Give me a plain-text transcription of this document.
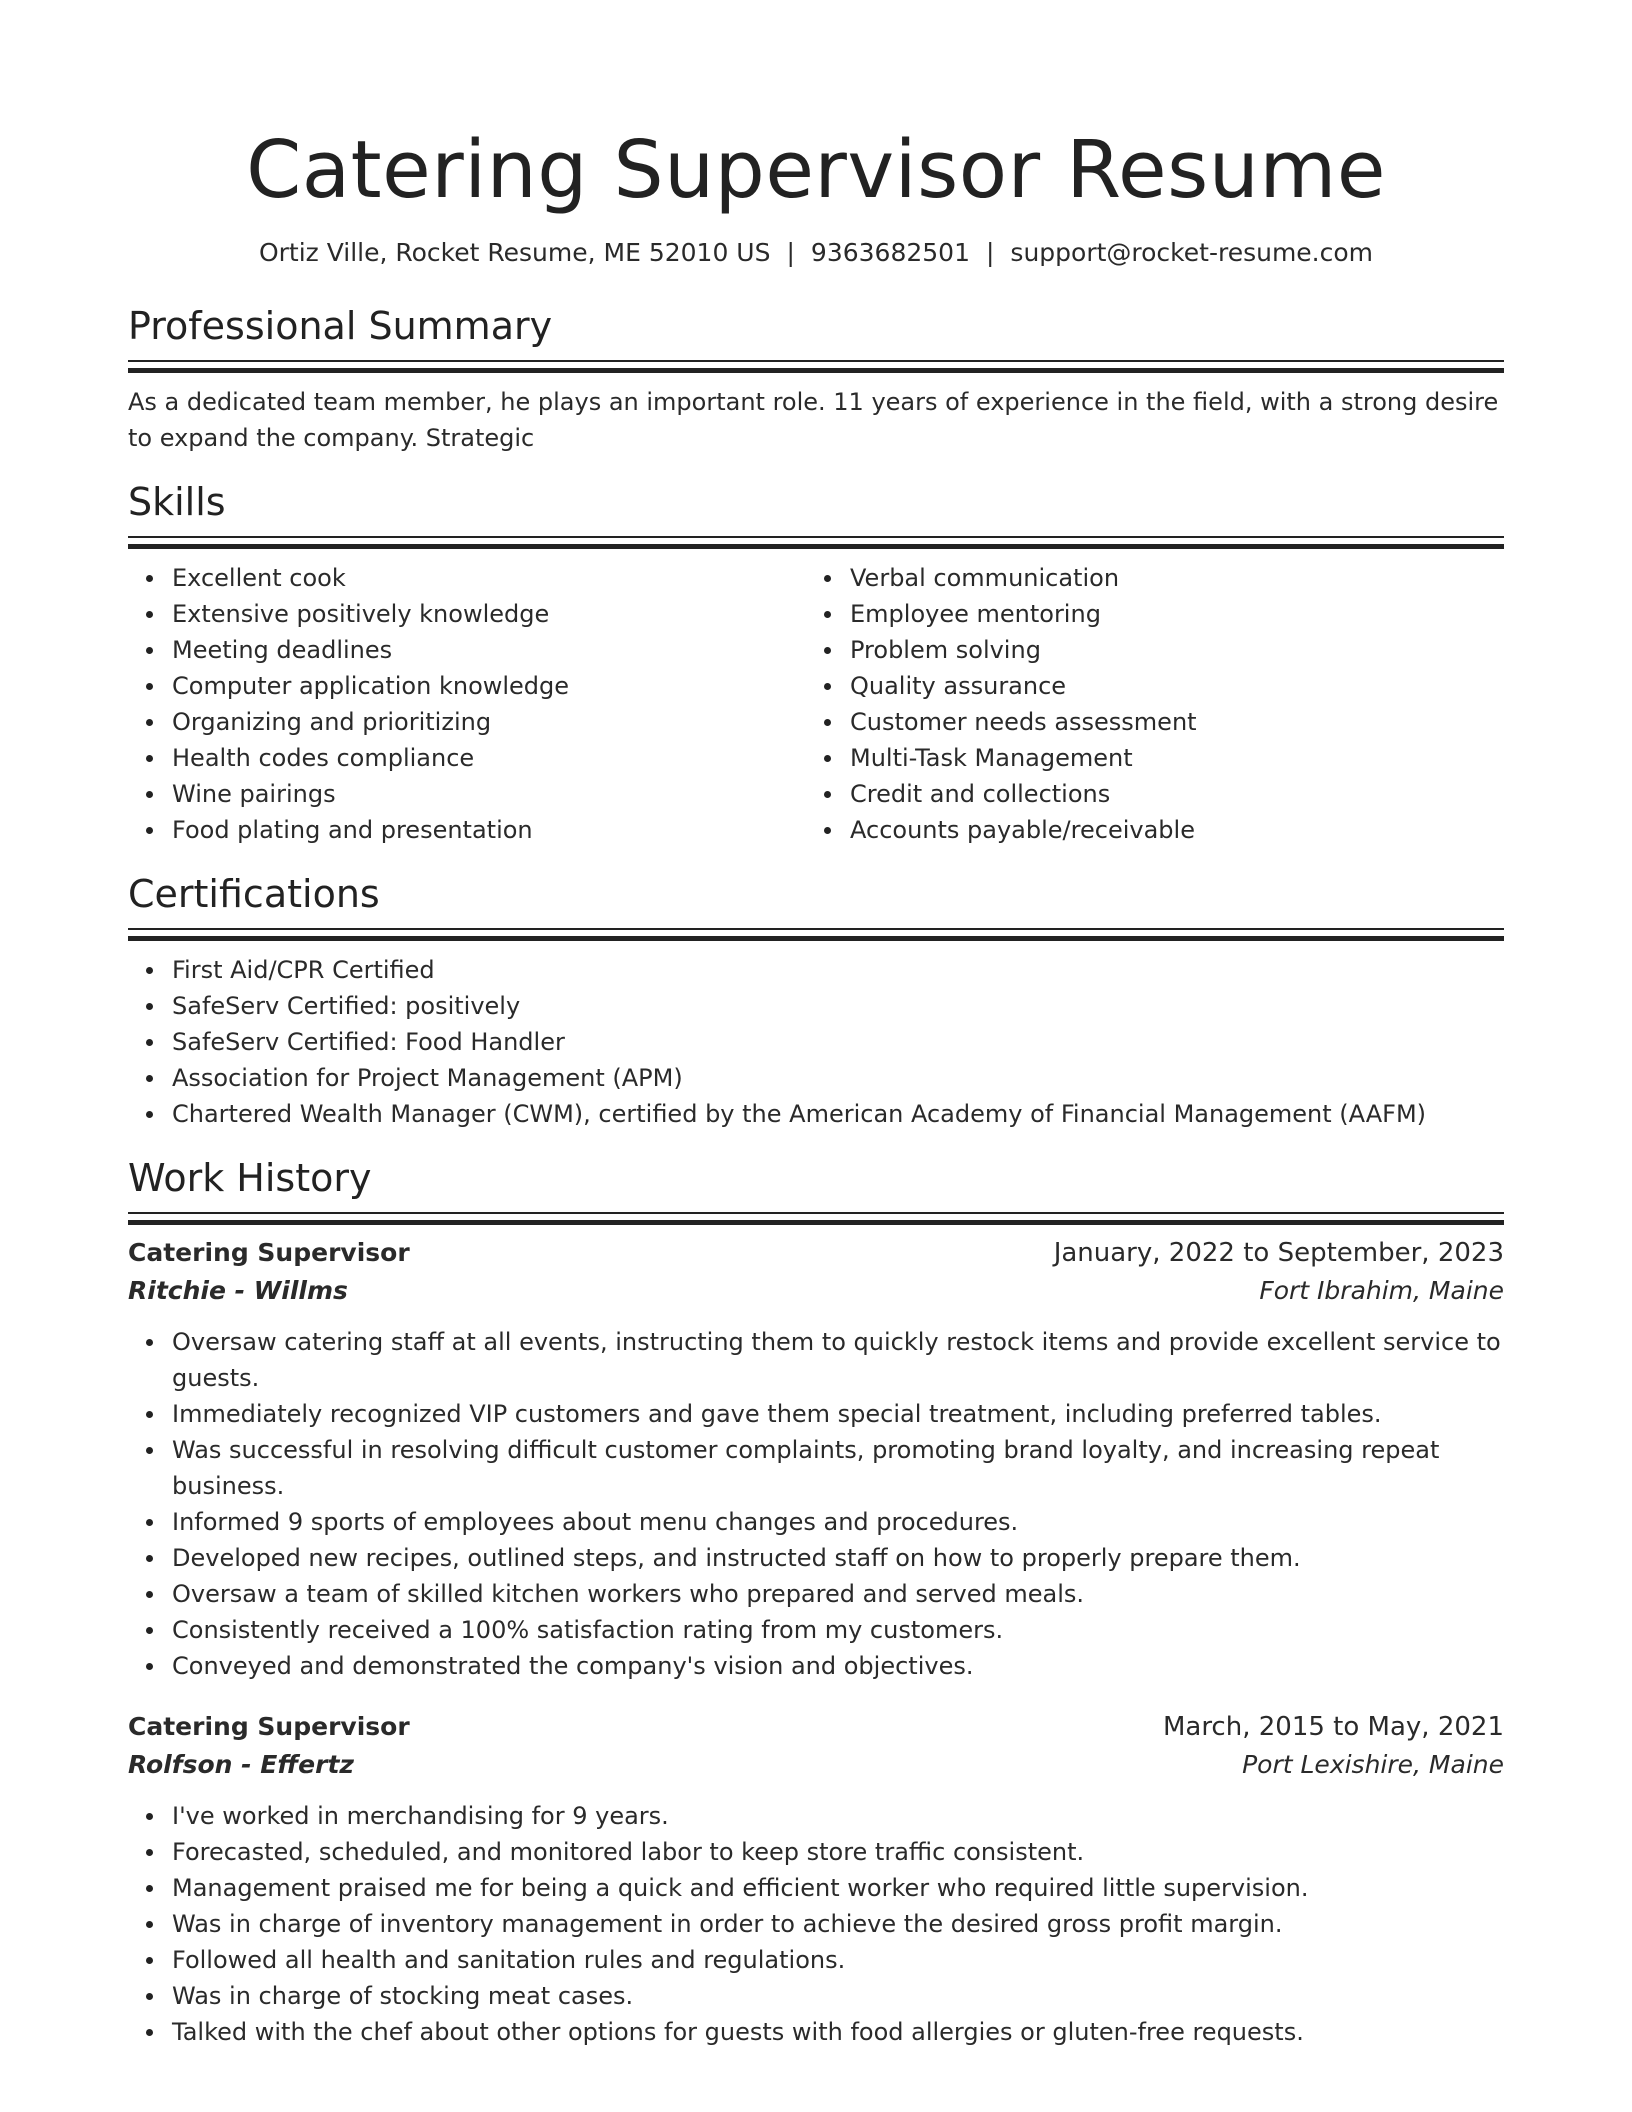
Catering Supervisor Resume
Ortiz Ville, Rocket Resume, ME 52010 US | 9363682501 | support@rocket-resume.com
Professional Summary

As a dedicated team member, he plays an important role. 11 years of experience in the field, with a strong desire to expand the company. Strategic

Skills
Excellent cook
Extensive positively knowledge
Meeting deadlines
Computer application knowledge
Organizing and prioritizing
Health codes compliance
Wine pairings
Food plating and presentation
Verbal communication
Employee mentoring
Problem solving
Quality assurance
Customer needs assessment
Multi-Task Management
Credit and collections
Accounts payable/receivable
Certifications
First Aid/CPR Certified
SafeServ Certified: positively
SafeServ Certified: Food Handler
Association for Project Management (APM)
Chartered Wealth Manager (CWM), certified by the American Academy of Financial Management (AAFM)
Work History
Catering Supervisor	January, 2022 to September, 2023
Ritchie - Willms	Fort Ibrahim, Maine
Oversaw catering staff at all events, instructing them to quickly restock items and provide excellent service to guests.
Immediately recognized VIP customers and gave them special treatment, including preferred tables.
Was successful in resolving difficult customer complaints, promoting brand loyalty, and increasing repeat business.
Informed 9 sports of employees about menu changes and procedures.
Developed new recipes, outlined steps, and instructed staff on how to properly prepare them.
Oversaw a team of skilled kitchen workers who prepared and served meals.
Consistently received a 100% satisfaction rating from my customers.
Conveyed and demonstrated the company's vision and objectives.
Catering Supervisor	March, 2015 to May, 2021
Rolfson - Effertz	Port Lexishire, Maine
I've worked in merchandising for 9 years.
Forecasted, scheduled, and monitored labor to keep store traffic consistent.
Management praised me for being a quick and efficient worker who required little supervision.
Was in charge of inventory management in order to achieve the desired gross profit margin.
Followed all health and sanitation rules and regulations.
Was in charge of stocking meat cases.
Talked with the chef about other options for guests with food allergies or gluten-free requests.
